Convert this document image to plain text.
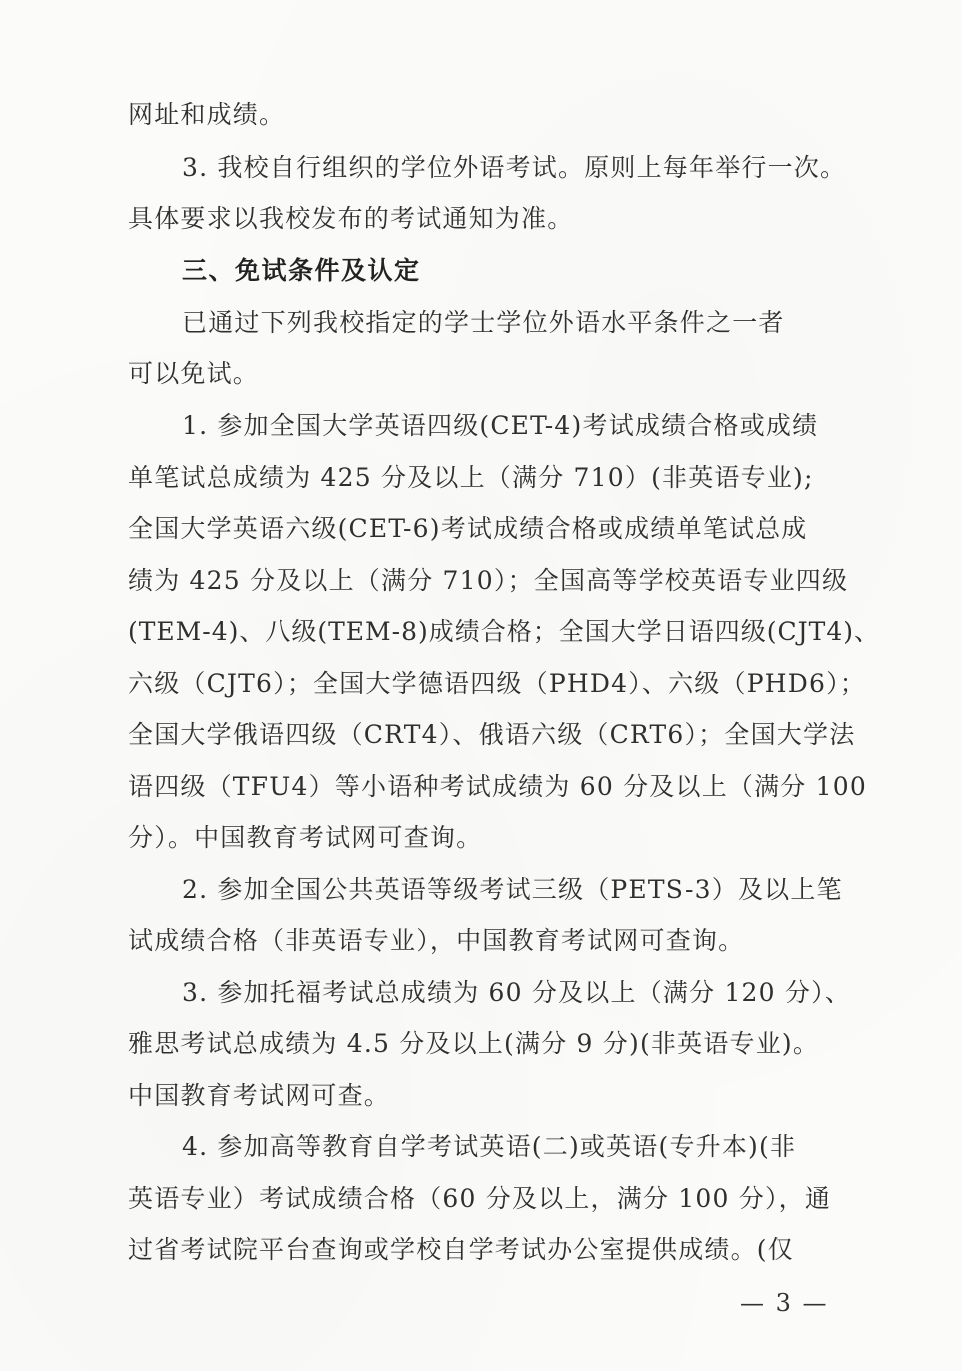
网址和成绩。

3. 我校自行组织的学位外语考试。原则上每年举行一次。

具体要求以我校发布的考试通知为准。

三、免试条件及认定

已通过下列我校指定的学士学位外语水平条件之一者

可以免试。

1. 参加全国大学英语四级(CET-4)考试成绩合格或成绩

单笔试总成绩为 425 分及以上（满分 710）(非英语专业);

全国大学英语六级(CET-6)考试成绩合格或成绩单笔试总成

绩为 425 分及以上（满分 710）；全国高等学校英语专业四级

(TEM-4)、八级(TEM-8)成绩合格；全国大学日语四级(CJT4)、

六级（CJT6）；全国大学德语四级（PHD4）、六级（PHD6）；

全国大学俄语四级（CRT4）、俄语六级（CRT6）；全国大学法

语四级（TFU4）等小语种考试成绩为 60 分及以上（满分 100

分）。中国教育考试网可查询。

2. 参加全国公共英语等级考试三级（PETS-3）及以上笔

试成绩合格（非英语专业），中国教育考试网可查询。

3. 参加托福考试总成绩为 60 分及以上（满分 120 分）、

雅思考试总成绩为 4.5 分及以上(满分 9 分)(非英语专业)。

中国教育考试网可查。

4. 参加高等教育自学考试英语(二)或英语(专升本)(非

英语专业）考试成绩合格（60 分及以上，满分 100 分），通

过省考试院平台查询或学校自学考试办公室提供成绩。(仅

— 3 —
